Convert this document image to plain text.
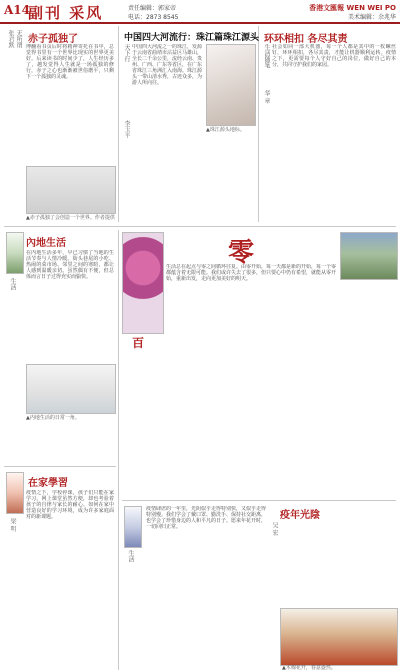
A14
副刊 采风	责任编辑：郭家帝
电话：2873 8545
香港文匯報 WEN WEI PO
美术编辑：余兆华
张君默 无所谓 赤子孤独了
博翻看书页后时将精神寄托在书中，总觉得书里有一个世界比现实的世界更美好。后来读书的时间少了，人生经历多了，越发觉得人生就是一场孤独的修行，赤子之心也渐渐被世俗磨平，只剩下一个孤独的灵魂。
▲赤子孤独了会创造一个世界。作者提供
中国四大河流行：珠江篇珠江源头
天下行 中国四大河流之一的珠江，发源于云南省曲靖市沾益区马雄山，全长二千余公里，流经云南、贵州、广西、广东等省区，在广东省珠江三角洲汇入南海。珠江源头一带山清水秀，古迹众多，为游人所向往。
▲珠江源头地标。
李玉平
环环相扣 各尽其责
生活随笔
华 章
社会如同一部大机器，每一个人都是其中的一枚螺丝钉，环环相扣，各尽其责，才能让机器顺利运转。疫情之下，更需要每个人守好自己的岗位，做好自己的本分，共同守护我们的家园。
百
零
生活总在起点与零之间循环往复。由零开始，每一天都是新的开始，每一个零都蕴含着无限可能。我们或许失去了很多，但只要心中仍有希望，就能从零开始，重新出发，走向更加美好的明天。
內地生活
生活
在内地生活多年，早已习惯了当地的生活节奏与人情冷暖。街头巷尾的小吃、热闹的菜市场、邻里之间的寒暄，都让人感到温暖亲切。虽然偶有不便，但总体而言日子过得充实而愉快。
▲内地生活的日常一角。
在家學習
梁 明
疫情之下，学校停课，孩子们只能在家学习。网上课堂虽然方便，却也考验着孩子的自律与家长的耐心。如何在家中营造良好的学习环境，成为许多家庭面对的新课题。
生活
疫情肆虐的一年里，光阴似乎走得特别快，又似乎走得特别慢。我们学会了戴口罩、勤洗手、保持社交距离，也学会了珍惜身边的人和平凡的日子。愿来年花开时，一切回归正常。
疫年光陰
吴 宏
▲木棉花开，春意盎然。
